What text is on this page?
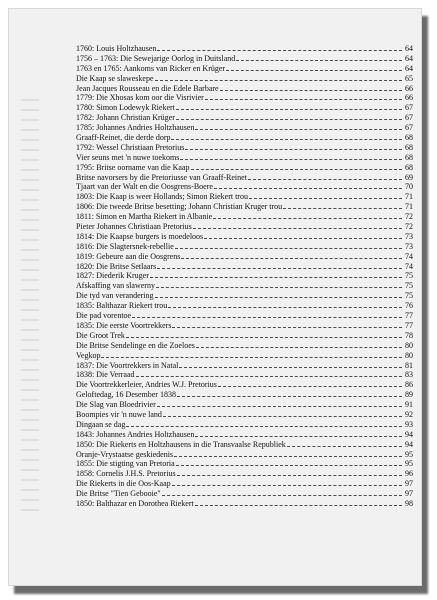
1760: Louis Holtzhausen	64
1756 – 1763: Die Sewejarige Oorlog in Duitsland	64
1763 en 1765: Aankoms van Ricker en Krüger	64
Die Kaap se slaweskepe	65
Jean Jacques Rousseau en die Edele Barbare	66
1779: Die Xhosas kom oor die Visrivier	66
1780: Simon Lodewyk Riekert	67
1782: Johann Christian Krüger	67
1785: Johannes Andries Holtzhausen	67
Graaff-Reinet, die derde dorp	68
1792: Wessel Christiaan Pretorius	68
Vier seuns met 'n nuwe toekoms	68
1795: Britse oorname van die Kaap	68
Britse navorsers by die Pretoriusse van Graaff-Reinet	69
Tjaart van der Walt en die Oosgrens-Boere	70
1803: Die Kaap is weer Hollands; Simon Riekert trou	71
1806: Die tweede Britse besetting; Johann Christian Kruger trou	71
1811: Simon en Martha Riekert in Albanie	72
Pieter Johannes Christiaan Pretorius	72
1814: Die Kaapse burgers is moedeloos	73
1816: Die Slagtersnek-rebellie	73
1819: Gebeure aan die Oosgrens	74
1820: Die Britse Setlaars	74
1827: Diederik Kruger	75
Afskaffing van slawerny	75
Die tyd van verandering	75
1835: Balthazar Riekert trou	76
Die pad vorentoe	77
1835: Die eerste Voortrekkers	77
Die Groot Trek	78
Die Britse Sendelinge en die Zoeloes	80
Vegkop	80
1837: Die Voortrekkers in Natal	81
1838: Die Verraad	83
Die Voortrekkerleier, Andries W.J. Pretorius	86
Geloftedag, 16 Desember 1838	89
Die Slag van Bloedrivier	91
Boompies vir 'n nuwe land	92
Dingaan se dag	93
1843: Johannes Andries Holtzhausen	94
1850: Die Riekerts en Holtzhausens in die Transvaalse Republiek	94
Oranje-Vrystaatse geskiedenis	95
1855: Die stigting van Pretoria	95
1858: Cornelis J.H.S. Pretorius	96
Die Riekerts in die Oos-Kaap	97
Die Britse "Tien Gebooie"	97
1850: Balthazar en Dorothea Riekert	98
